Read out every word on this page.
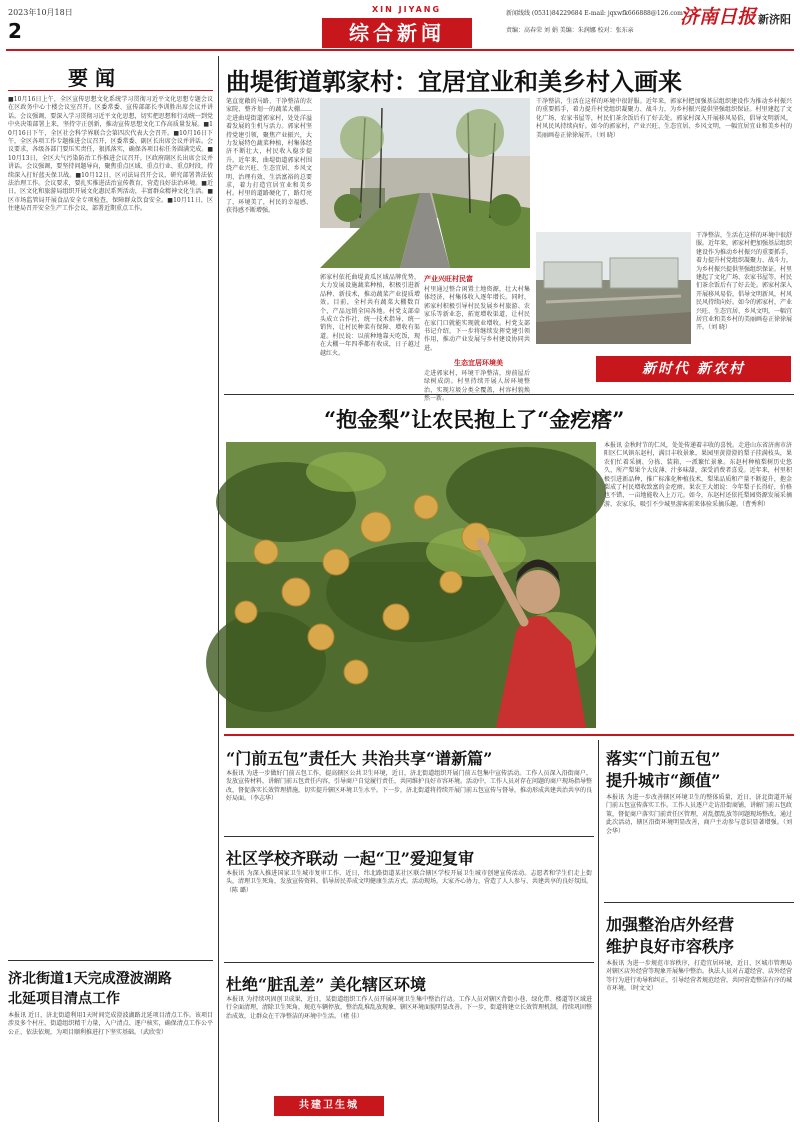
2023年10月18日
2
XIN JIYANG	新闻线线 (0531)84229684 E-mail: jqxwfk666888@126.com
责编：高春荣 刘 娟 美编：朱润娜 校对：张东亲
综合新闻
济南日报 新济阳
要 闻
■10月16日上午，全区宣传思想文化系统学习贯彻习近平文化思想专题会议在区政务中心十楼会议室召开。区委常委、宣传部部长李训胜出席会议并讲话。会议强调，要深入学习贯彻习近平文化思想，切实把思想和行动统一到党中央决策部署上来，坚持守正创新，推动宣传思想文化工作高质量发展。■10月16日下午，全区社会科学界联合会第四次代表大会召开。■10月16日下午，全区各项工作专题推进会议召开，区委常委、副区长出席会议并讲话。会议要求，各级各部门要压实责任，狠抓落实，确保各项目标任务圆满完成。■10月13日，全区大气污染防治工作推进会议召开。区政府副区长出席会议并讲话。会议强调，要坚持问题导向，聚焦重点区域、重点行业、重点时段，持续深入打好蓝天保卫战。■10月12日，区司法局召开会议，研究部署普法依法治理工作。会议要求，要扎实推进法治宣传教育，营造良好法治环境。■近日，区文化和旅游局组织开展文化惠民系列活动，丰富群众精神文化生活。■区市场监管局开展食品安全专项检查，保障群众饮食安全。■10月11日，区住建局召开安全生产工作会议，部署近期重点工作。
济北街道1天完成澄波湖路
北延项目清点工作
本报讯 近日，济北街道利用1天时间完成澄波湖路北延项目清点工作。该项目涉及多个村庄，街道组织精干力量，入户清点、逐户核实，确保清点工作公平公正、依法依规，为项目顺利推进打下坚实基础。（武欣莹）
曲堤街道郭家村：宜居宜业和美乡村入画来
笔直宽敞的马路、干净整洁的农家院、整齐划一的蔬菜大棚……走进曲堤街道郭家村，处处洋溢着发展的生机与活力。郭家村坚持党建引领，聚焦产业振兴，大力发展特色蔬菜种植，村集体经济不断壮大，村民收入稳步提升。近年来，曲堤街道郭家村围绕产业兴旺、生态宜居、乡风文明、治理有效、生活富裕的总要求，着力打造宜居宜业和美乡村。村里的道路硬化了，路灯亮了，环境美了，村民的幸福感、获得感不断增强。
郭家村依托曲堤黄瓜区域品牌优势，大力发展设施蔬菜种植，积极引进新品种、新技术，推动蔬菜产业提质增效。目前，全村共有蔬菜大棚数百个，产品远销全国各地。村党支部牵头成立合作社，统一技术指导、统一销售，让村民种菜有保障、增收有渠道。村民说：以前种地靠天吃饭，现在大棚一年四季都有收成，日子越过越红火。
产业兴旺村民富
村里通过整合闲置土地资源，壮大村集体经济，村集体收入逐年增长。同时，郭家村积极引导村民发展乡村旅游、农家乐等新业态，拓宽增收渠道，让村民在家门口就能实现就业增收。村党支部书记介绍，下一步将继续发挥党建引领作用，推动产业发展与乡村建设协同共进。
生态宜居环境美
走进郭家村，环境干净整洁，房前屋后绿树成荫。村里持续开展人居环境整治，实现垃圾分类全覆盖，村容村貌焕然一新。
干净整洁，生活在这样的环境中很舒服。近年来，郭家村把加强基层组织建设作为推动乡村振兴的重要抓手，着力提升村党组织凝聚力、战斗力，为乡村振兴提供坚强组织保证。村里建起了文化广场、农家书屋等，村民们茶余饭后有了好去处。郭家村深入开展移风易俗，倡导文明新风，村风民风持续向好。如今的郭家村，产业兴旺、生态宜居、乡风文明，一幅宜居宜业和美乡村的美丽画卷正徐徐展开。（刘 晓）
干净整洁，生活在这样的环境中很舒服。近年来，郭家村把加强基层组织建设作为推动乡村振兴的重要抓手，着力提升村党组织凝聚力、战斗力，为乡村振兴提供坚强组织保证。村里建起了文化广场、农家书屋等，村民们茶余饭后有了好去处。郭家村深入开展移风易俗，倡导文明新风，村风民风持续向好。如今的郭家村，产业兴旺、生态宜居、乡风文明，一幅宜居宜业和美乡村的美丽画卷正徐徐展开。（刘 晓）
新时代 新农村
“抱金梨”让农民抱上了“金疙瘩”
本报讯 金秋时节的仁风，处处传递着丰收的喜悦。走进山东省济南市济阳区仁风镇东赵村，满目丰收景象，果园里黄澄澄的梨子挂满枝头，果农们忙着采摘、分拣、装箱，一派繁忙景象。东赵村种植梨树历史悠久，所产梨果个大皮薄、汁多味甜，深受消费者喜爱。近年来，村里积极引进新品种，推广标准化种植技术，梨果品质和产量不断提升，抱金梨成了村民增收致富的金疙瘩。果农王大姐说：今年梨子长得好，价格也不错，一亩地能收入上万元。如今，东赵村还依托梨园资源发展采摘游、农家乐，吸引不少城里游客前来体验采摘乐趣。（曹秀利）
“门前五包”责任大 共治共享“谱新篇”
本报讯 为进一步做好门前五包工作，提高辖区公共卫生环境，近日，济北街道组织开展门前五包集中宣传活动。工作人员深入沿街商户，发放宣传材料，讲解门前五包责任内容，引导商户自觉履行责任，共同维护良好市容环境。活动中，工作人员对存在问题的商户现场指导整改，督促落实长效管理措施，切实提升辖区环境卫生水平。下一步，济北街道将持续开展门前五包宣传与督导，推动形成共建共治共享的良好局面。（李志华）
社区学校齐联动 一起“卫”爱迎复审
本报讯 为深入推进国家卫生城市复审工作，近日，纬北路街道某社区联合辖区学校开展卫生城市创建宣传活动。志愿者和学生们走上街头，清理卫生死角，发放宣传资料，倡导居民养成文明健康生活方式。活动现场，大家齐心协力，营造了人人参与、共建共享的良好氛围。（陈 璐）
杜绝“脏乱差” 美化辖区环境
本报讯 为持续巩固创卫成果，近日，某街道组织工作人员开展环境卫生集中整治行动。工作人员对辖区背街小巷、绿化带、楼道等区域进行全面清理，清除卫生死角，规范车辆停放，整治乱堆乱放现象，辖区环境面貌明显改善。下一步，街道将建立长效管理机制，持续巩固整治成效，让群众在干净整洁的环境中生活。（褚 佳）
共建卫生城
落实“门前五包”
提升城市“颜值”
本报讯 为进一步改善辖区环境卫生的整体质量，近日，济北街道开展门前五包宣传落实工作。工作人员逐户走访沿街商铺，讲解门前五包政策，督促商户落实门前责任区管理，对乱摆乱放等问题现场整改。通过此次活动，辖区沿街环境明显改善，商户主动参与意识显著增强。（刘会华）
加强整治店外经营
维护良好市容秩序
本报讯 为进一步规范市容秩序，打造宜居环境，近日，区城市管理局对辖区店外经营等现象开展集中整治。执法人员对占道经营、店外经营等行为进行劝导和纠正，引导经营者规范经营，共同营造整洁有序的城市环境。（时文文）
